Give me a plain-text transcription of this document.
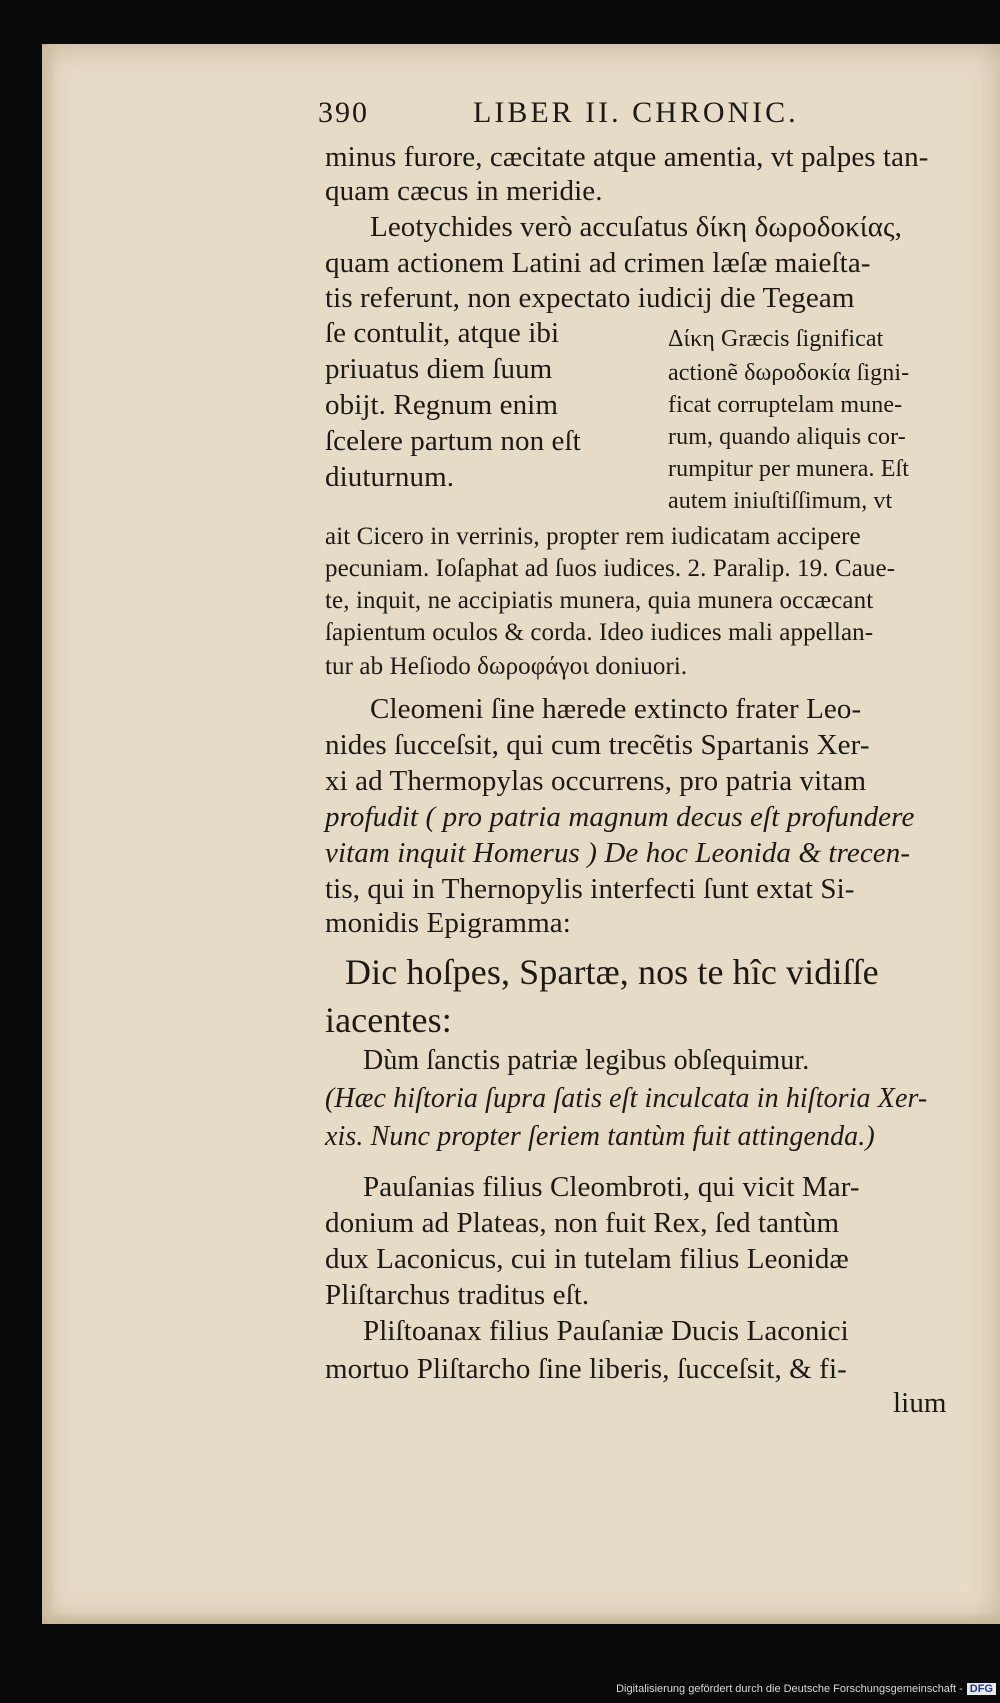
390	LIBER II. CHRONIC.
minus furore, cæcitate atque amentia, vt palpes tan-
quam cæcus in meridie.
Leotychides verò accuſatus δίκη δωροδοκίας,
quam actionem Latini ad crimen læſæ maieſta-
tis referunt, non expectato iudicij die Tegeam
ſe contulit, atque ibi
priuatus diem ſuum
obijt. Regnum enim
ſcelere partum non eſt
diuturnum.
Δίκη Græcis ſignificat
actionẽ δωροδοκία ſigni-
ficat corruptelam mune-
rum, quando aliquis cor-
rumpitur per munera. Eſt
autem iniuſtiſſimum, vt
ait Cicero in verrinis, propter rem iudicatam accipere
pecuniam. Ioſaphat ad ſuos iudices. 2. Paralip. 19. Caue-
te, inquit, ne accipiatis munera, quia munera occæcant
ſapientum oculos & corda. Ideo iudices mali appellan-
tur ab Heſiodo δωροφάγοι doniuori.
Cleomeni ſine hærede extincto frater Leo-
nides ſucceſsit, qui cum trecẽtis Spartanis Xer-
xi ad Thermopylas occurrens, pro patria vitam
profudit ( pro patria magnum decus eſt profundere
vitam inquit Homerus ) De hoc Leonida & trecen-
tis, qui in Thernopylis interfecti ſunt extat Si-
monidis Epigramma:
Dic hoſpes, Spartæ, nos te hîc vidiſſe
iacentes:
Dùm ſanctis patriæ legibus obſequimur.
(Hæc hiſtoria ſupra ſatis eſt inculcata in hiſtoria Xer-
xis. Nunc propter ſeriem tantùm fuit attingenda.)
Pauſanias filius Cleombroti, qui vicit Mar-
donium ad Plateas, non fuit Rex, ſed tantùm
dux Laconicus, cui in tutelam filius Leonidæ
Pliſtarchus traditus eſt.
Pliſtoanax filius Pauſaniæ Ducis Laconici
mortuo Pliſtarcho ſine liberis, ſucceſsit, & fi-
lium
Digitalisierung gefördert durch die Deutsche Forschungsgemeinschaft - DFG
